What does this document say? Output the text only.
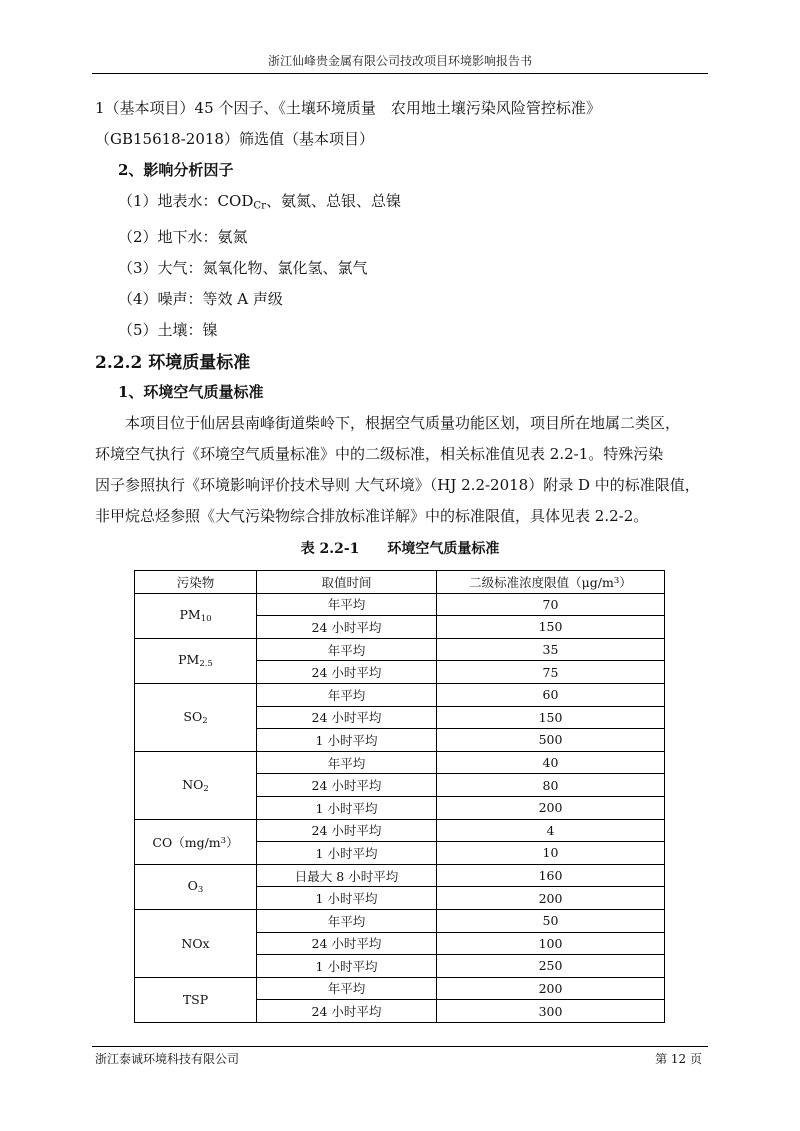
浙江仙峰贵金属有限公司技改项目环境影响报告书
1（基本项目）45 个因子、《土壤环境质量　农用地土壤污染风险管控标准》
（GB15618-2018）筛选值（基本项目）
2、影响分析因子
（1）地表水：$COD_{Cr}$、氨氮、总银、总镍
（2）地下水：氨氮
（3）大气：氮氧化物、氯化氢、氯气
（4）噪声：等效 A 声级
（5）土壤：镍
2.2.2 环境质量标准
1、环境空气质量标准
本项目位于仙居县南峰街道柴岭下，根据空气质量功能区划，项目所在地属二类区，
环境空气执行《环境空气质量标准》中的二级标准，相关标准值见表 2.2-1。特殊污染
因子参照执行《环境影响评价技术导则 大气环境》（HJ 2.2-2018）附录 D 中的标准限值，
非甲烷总烃参照《大气污染物综合排放标准详解》中的标准限值，具体见表 2.2-2。
表 2.2-1　　环境空气质量标准
污染物	取值时间	二级标准浓度限值$(\mu g/m^3)$
$PM_{10}$	年平均	70
	24 小时平均	150
$PM_{2.5}$	年平均	35
	24 小时平均	75
$SO_2$	年平均	60
	24 小时平均	150
	1 小时平均	500
$NO_2$	年平均	40
	24 小时平均	80
	1 小时平均	200
$CO(mg/m^3)$	24 小时平均	4
	1 小时平均	10
$O_3$	日最大 8 小时平均	160
	1 小时平均	200
NOx	年平均	50
	24 小时平均	100
	1 小时平均	250
TSP	年平均	200
	24 小时平均	300
浙江泰诚环境科技有限公司	第 12 页
